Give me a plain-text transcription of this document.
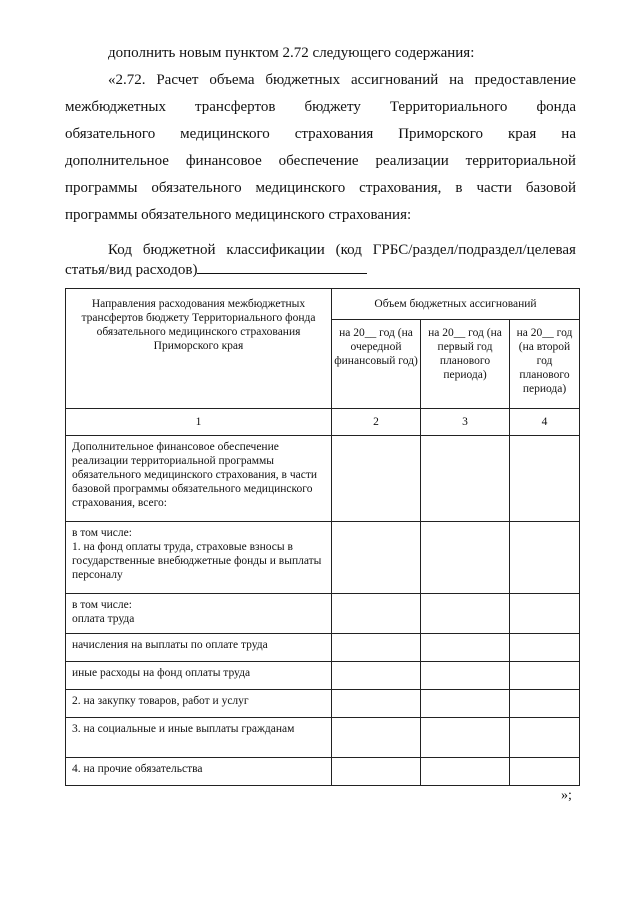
дополнить новым пунктом 2.72 следующего содержания:
«2.72. Расчет объема бюджетных ассигнований на предоставление
межбюджетных трансфертов бюджету Территориального фонда
обязательного медицинского страхования Приморского края на
дополнительное финансовое обеспечение реализации территориальной
программы обязательного медицинского страхования, в части базовой
программы обязательного медицинского страхования:
Код бюджетной классификации (код ГРБС/раздел/подраздел/целевая
статья/вид расходов)
Направления расходования межбюджетных трансфертов бюджету Территориального фонда обязательного медицинского страхования Приморского края	Объем бюджетных ассигнований		
	на 20__ год (на очередной финансовый год)	на 20__ год (на первый год планового периода)	на 20__ год (на второй год планового периода)
1	2	3	4

Дополнительное финансовое обеспечение реализации территориальной программы обязательного медицинского страхования, в части базовой программы обязательного медицинского страхования, всего:			

в том числе:
1. на фонд оплаты труда, страховые взносы в государственные внебюджетные фонды и выплаты персоналу			

в том числе:
оплата труда			

начисления на выплаты по оплате труда			

иные расходы на фонд оплаты труда			

2. на закупку товаров, работ и услуг			

3. на социальные и иные выплаты гражданам			

4. на прочие обязательства			

»;
